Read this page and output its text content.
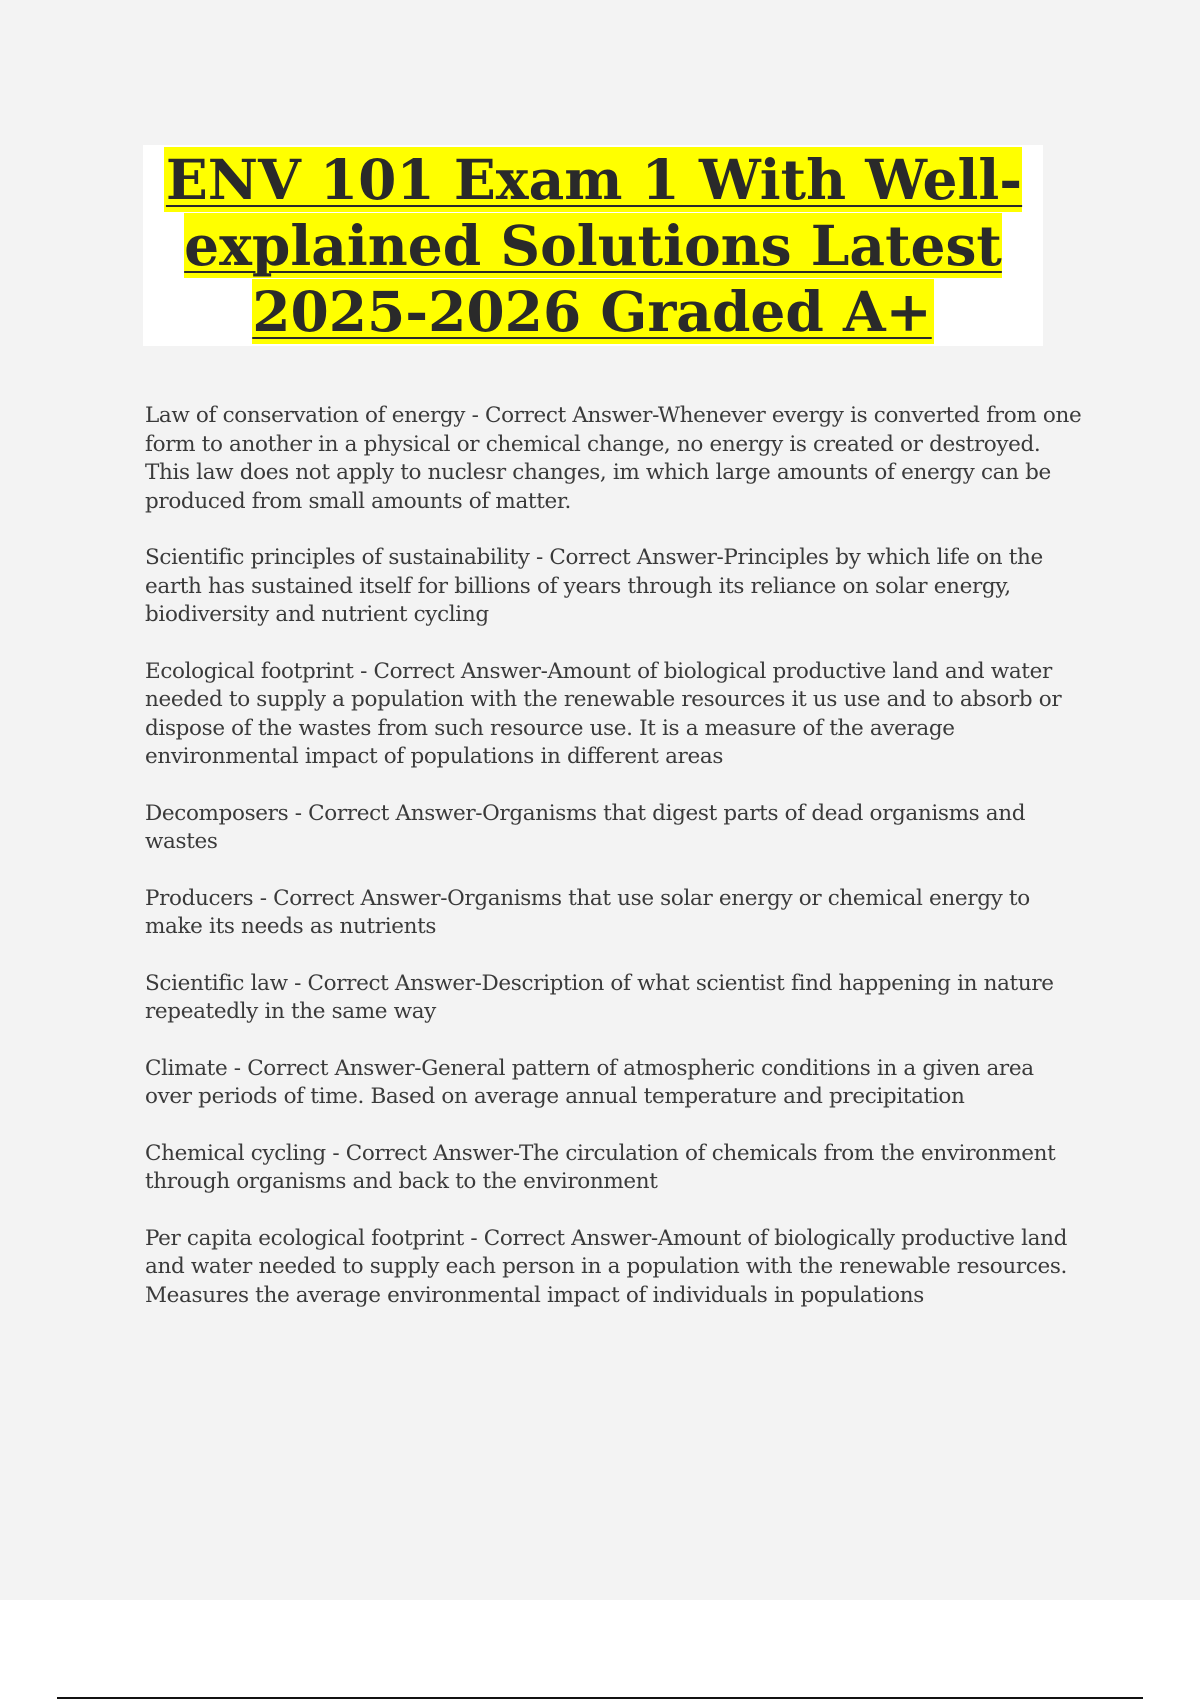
ENV 101 Exam 1 With Well-explained Solutions Latest 2025-2026 Graded A+
Law of conservation of energy - Correct Answer-Whenever evergy is converted from one form to another in a physical or chemical change, no energy is created or destroyed. This law does not apply to nuclesr changes, im which large amounts of energy can be produced from small amounts of matter.
Scientific principles of sustainability - Correct Answer-Principles by which life on the earth has sustained itself for billions of years through its reliance on solar energy, biodiversity and nutrient cycling
Ecological footprint - Correct Answer-Amount of biological productive land and water needed to supply a population with the renewable resources it us use and to absorb or dispose of the wastes from such resource use. It is a measure of the average environmental impact of populations in different areas
Decomposers - Correct Answer-Organisms that digest parts of dead organisms and wastes
Producers - Correct Answer-Organisms that use solar energy or chemical energy to make its needs as nutrients
Scientific law - Correct Answer-Description of what scientist find happening in nature repeatedly in the same way
Climate - Correct Answer-General pattern of atmospheric conditions in a given area over periods of time. Based on average annual temperature and precipitation
Chemical cycling - Correct Answer-The circulation of chemicals from the environment through organisms and back to the environment
Per capita ecological footprint - Correct Answer-Amount of biologically productive land and water needed to supply each person in a population with the renewable resources. Measures the average environmental impact of individuals in populations
